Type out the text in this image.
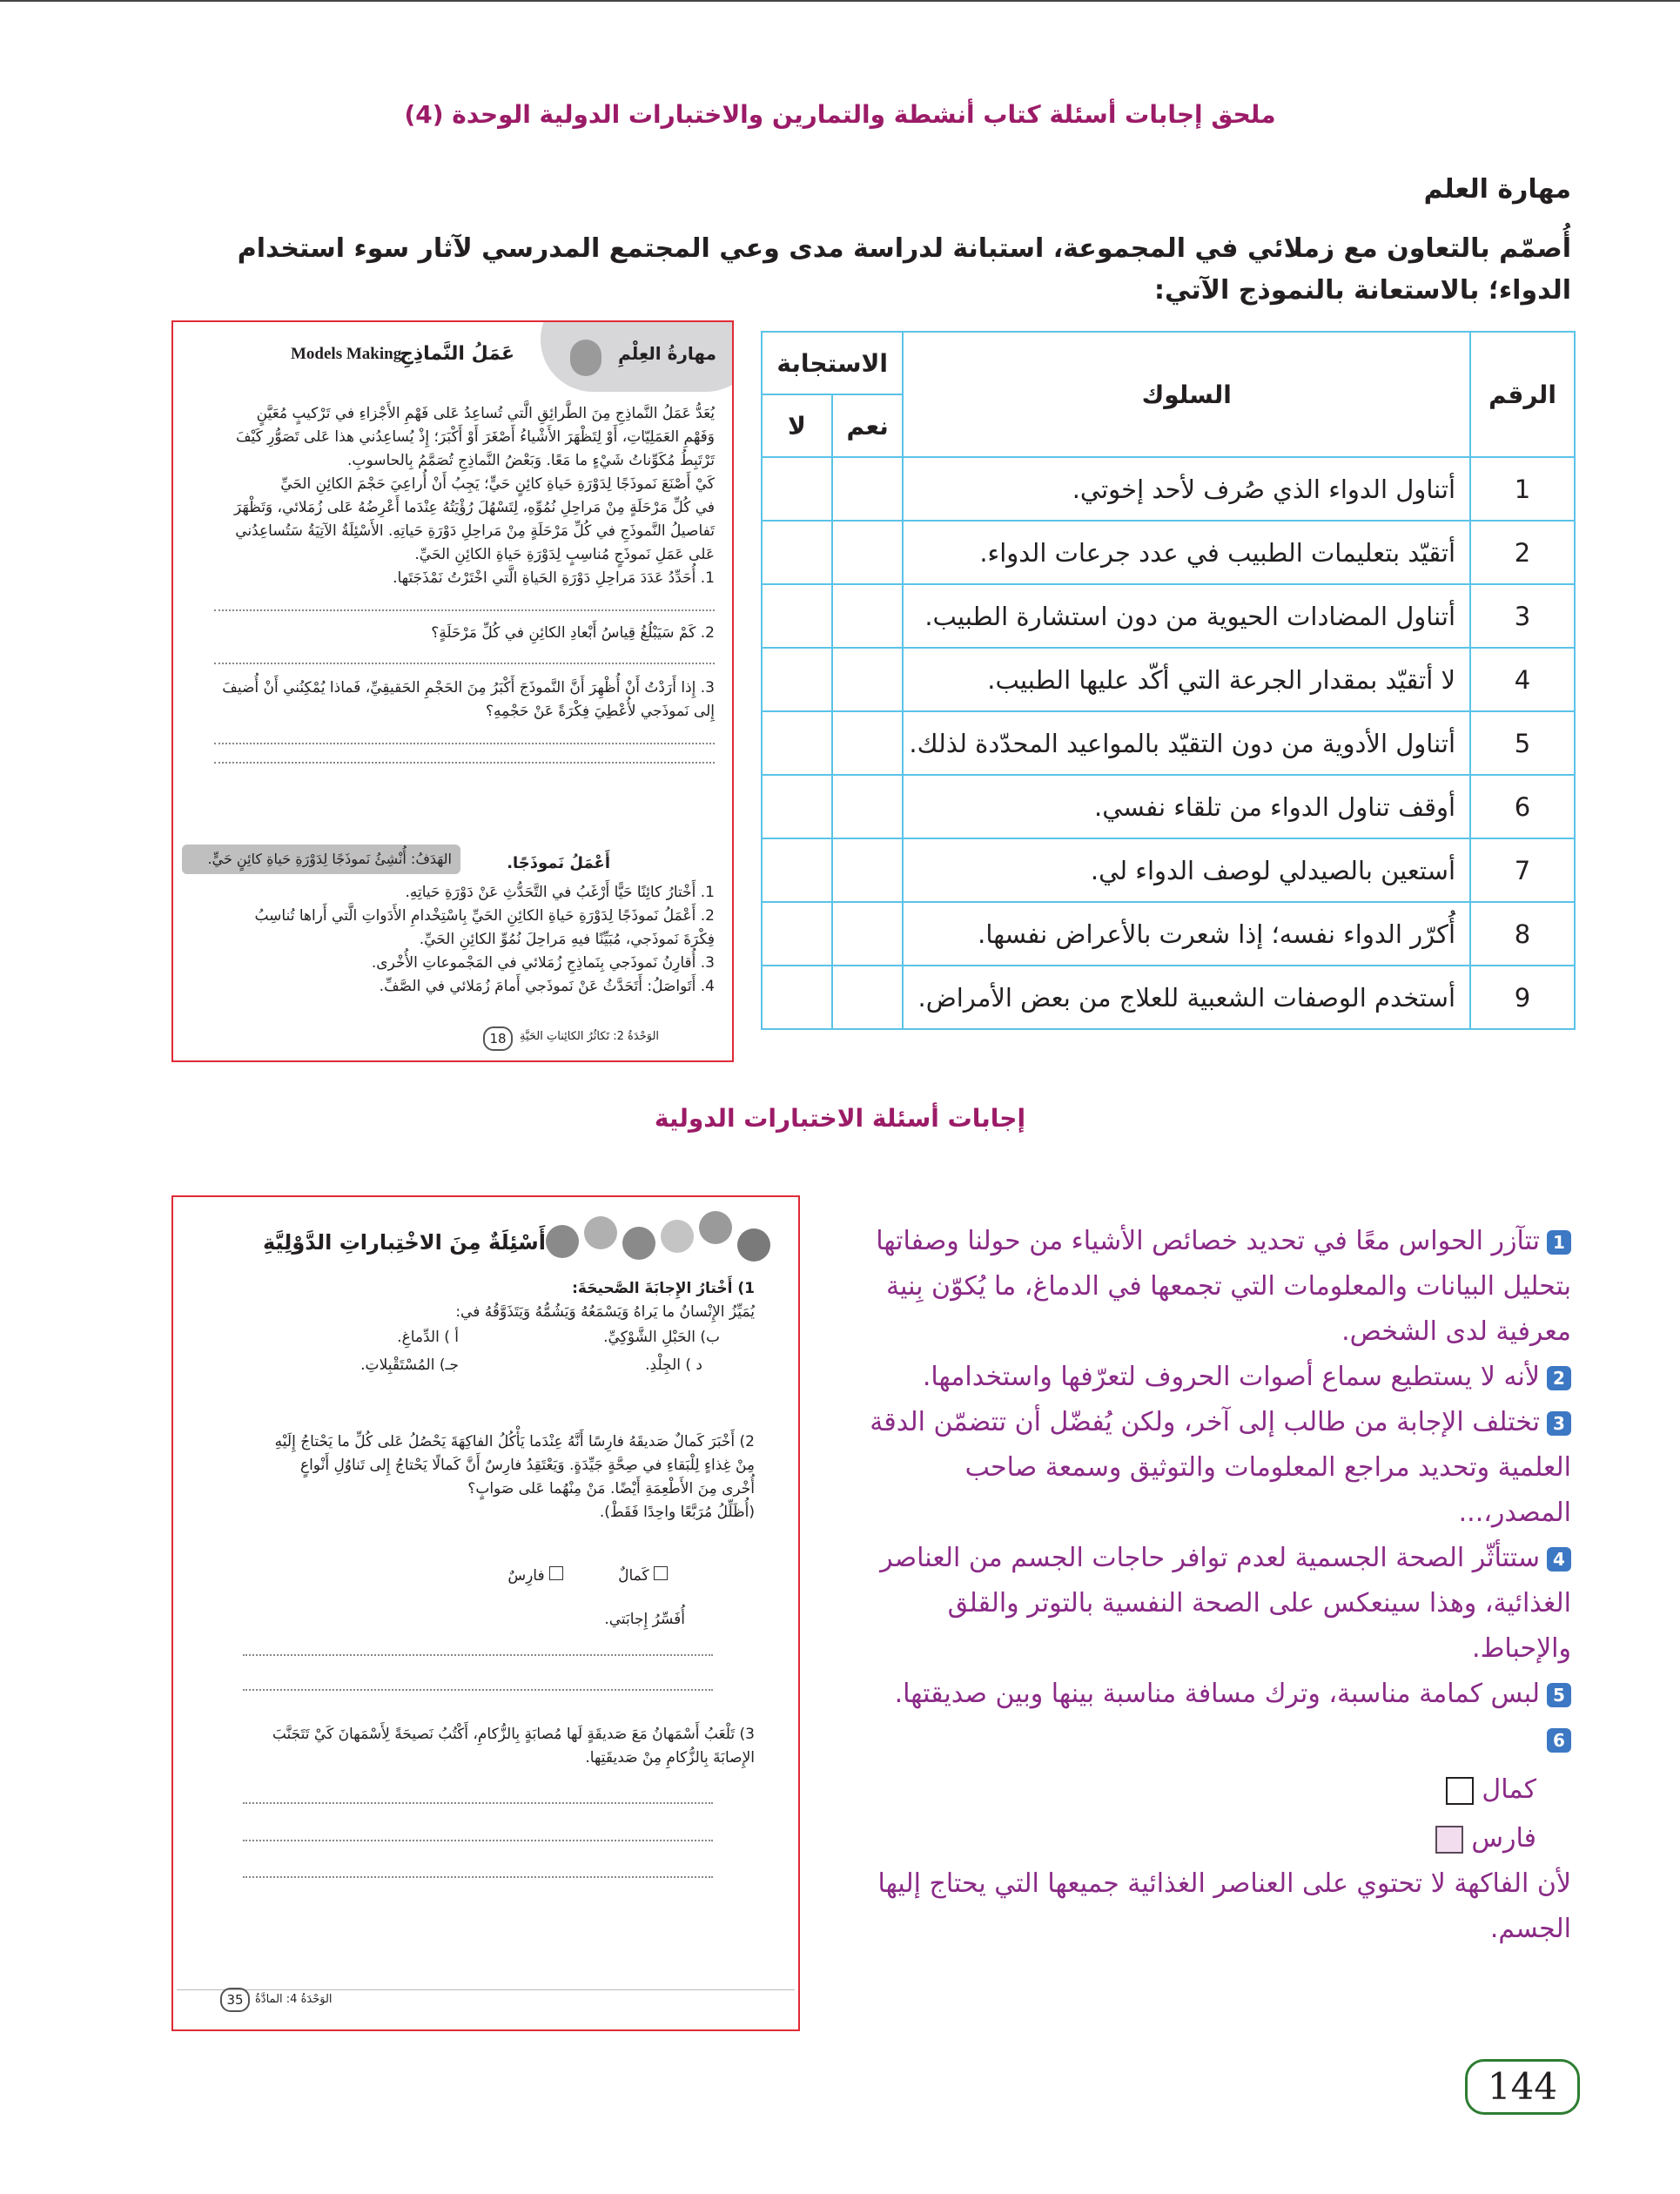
ملحق إجابات أسئلة كتاب أنشطة والتمارين والاختبارات الدولية الوحدة (4)
مهارة العلم
أُصمّم بالتعاون مع زملائي في المجموعة، استبانة لدراسة مدى وعي المجتمع المدرسي لآثار سوء استخدام الدواء؛ بالاستعانة بالنموذج الآتي:
الرقم	السلوك	الاستجابة	
		نعم	لا
1	أتناول الدواء الذي صُرف لأحد إخوتي.		
2	أتقيّد بتعليمات الطبيب في عدد جرعات الدواء.		
3	أتناول المضادات الحيوية من دون استشارة الطبيب.		
4	لا أتقيّد بمقدار الجرعة التي أكّد عليها الطبيب.		
5	أتناول الأدوية من دون التقيّد بالمواعيد المحدّدة لذلك.		
6	أوقف تناول الدواء من تلقاء نفسي.		
7	أستعين بالصيدلي لوصف الدواء لي.		
8	أُكرّر الدواء نفسه؛ إذا شعرت بالأعراض نفسها.		
9	أستخدم الوصفات الشعبية للعلاج من بعض الأمراض.		
مهارةُ العِلْمِ
عَمَلُ النَّماذِجِ
Models Making
يُعَدُّ عَمَلُ النَّماذِجِ مِنَ الطَّرائِقِ الَّتي تُساعِدُ عَلى فَهْمِ الأَجْزاءِ في تَرْكيبٍ مُعَيَّنٍ
وَفَهْمِ العَمَلِيّاتِ، أَوْ لِتَظْهَرَ الأَشْياءُ أَصْغَرَ أَوْ أَكْبَرَ؛ إِذْ يُساعِدُني هذا عَلى تَصَوُّرِ كَيْفَ
تَرْتَبِطُ مُكَوِّناتُ شَيْءٍ ما مَعًا. وَبَعْضُ النَّماذِجِ تُصَمَّمُ بِالحاسوبِ.
كَيْ أَصْنَعَ نَموذَجًا لِدَوْرَةِ حَياةِ كائِنٍ حَيٍّ؛ يَجِبُ أَنْ أُراعِيَ حَجْمَ الكائِنِ الحَيِّ
في كُلِّ مَرْحَلَةٍ مِنْ مَراحِلِ نُمُوِّهِ، لِتَسْهُلَ رُؤْيَتُهُ عِنْدَما أَعْرِضُهُ عَلى زُمَلائي، وَتَظْهَرَ
تَفاصيلُ النَّموذَجِ في كُلِّ مَرْحَلَةٍ مِنْ مَراحِلِ دَوْرَةِ حَياتِهِ. الأَسْئِلَةُ الآتِيَةُ سَتُساعِدُني
عَلى عَمَلِ نَموذَجٍ مُناسِبٍ لِدَوْرَةِ حَياةِ الكائِنِ الحَيِّ.
1. أُحَدِّدُ عَدَدَ مَراحِلِ دَوْرَةِ الحَياةِ الَّتي اخْتَرْتُ نَمْذَجَتَها.
2. كَمْ سَيَبْلُغُ قِياسُ أَبْعادِ الكائِنِ في كُلِّ مَرْحَلَةٍ؟
3. إِذا أَرَدْتُ أَنْ أُظْهِرَ أَنَّ النَّموذَجَ أَكْبَرُ مِنَ الحَجْمِ الحَقيقِيِّ، فَماذا يُمْكِنُني أَنْ أُضيفَ
إِلى نَموذَجي لأُعْطِيَ فِكْرَةً عَنْ حَجْمِهِ؟
أَعْمَلُ نَموذَجًا.
الهَدَفُ: أُنْشِئُ نَموذَجًا لِدَوْرَةِ حَياةِ كائِنٍ حَيٍّ.
1. أَخْتارُ كائِنًا حَيًّا أَرْغَبُ في التَّحَدُّثِ عَنْ دَوْرَةِ حَياتِهِ.
2. أَعْمَلُ نَموذَجًا لِدَوْرَةِ حَياةِ الكائِنِ الحَيِّ بِاسْتِخْدامِ الأَدَواتِ الَّتي أَراها تُناسِبُ
فِكْرَةَ نَموذَجي، مُبَيِّنًا فيهِ مَراحِلَ نُمُوِّ الكائِنِ الحَيِّ.
3. أُقارِنُ نَموذَجي بِنَماذِجِ زُمَلائي في المَجْموعاتِ الأُخْرى.
4. أَتَواصَلُ: أَتَحَدَّثُ عَنْ نَموذَجي أَمامَ زُمَلائي في الصَّفِّ.
18	الوَحْدَةُ 2: تَكاثُرُ الكائِناتِ الحَيَّةِ
إجابات أسئلة الاختبارات الدولية
أَسْئِلَةٌ مِنَ الاخْتِباراتِ الدَّوْلِيَّةِ
1) أَخْتارُ الإِجابَةَ الصَّحيحَةَ:
يُمَيِّزُ الإِنْسانُ ما يَراهُ وَيَسْمَعُهُ وَيَشُمُّهُ وَيَتَذَوَّقُهُ في:
أ ) الدِّماغِ.	ب) الحَبْلِ الشَّوْكِيِّ.
جـ) المُسْتَقْبِلاتِ.	د ) الجِلْدِ.
2) أَخْبَرَ كَمالٌ صَديقَهُ فارِسًا أَنَّهُ عِنْدَما يَأْكُلُ الفاكِهَةَ يَحْصُلُ عَلى كُلِّ ما يَحْتاجُ إِلَيْهِ
مِنْ غِذاءٍ لِلْبَقاءِ في صِحَّةٍ جَيِّدَةٍ. وَيَعْتَقِدُ فارِسٌ أَنَّ كَمالًا يَحْتاجُ إِلى تَناوُلِ أَنْواعٍ
أُخْرى مِنَ الأَطْعِمَةِ أَيْضًا. مَنْ مِنْهُما عَلى صَوابٍ؟
(أُظَلِّلُ مُرَبَّعًا واحِدًا فَقَطْ).
كَمالٌ
فارِسٌ
أُفَسِّرُ إِجابَتي.
3) تَلْعَبُ أَسْمَهانُ مَعَ صَديقَةٍ لَها مُصابَةٍ بِالزُّكامِ، أَكْتُبُ نَصيحَةً لِأَسْمَهانَ كَيْ تَتَجَنَّبَ
الإِصابَةَ بِالزُّكامِ مِنْ صَديقَتِها.
35	الوَحْدَةُ 4: المادَّةُ
1تتآزر الحواس معًا في تحديد خصائص الأشياء من حولنا وصفاتها بتحليل البيانات والمعلومات التي تجمعها في الدماغ، ما يُكوّن بِنية معرفية لدى الشخص.
2لأنه لا يستطيع سماع أصوات الحروف لتعرّفها واستخدامها.
3تختلف الإجابة من طالب إلى آخر، ولكن يُفضّل أن تتضمّن الدقة العلمية وتحديد مراجع المعلومات والتوثيق وسمعة صاحب المصدر،...
4ستتأثّر الصحة الجسمية لعدم توافر حاجات الجسم من العناصر الغذائية، وهذا سينعكس على الصحة النفسية بالتوتر والقلق والإحباط.
5لبس كمامة مناسبة، وترك مسافة مناسبة بينها وبين صديقتها.
6
كمال
فارس
لأن الفاكهة لا تحتوي على العناصر الغذائية جميعها التي يحتاج إليها الجسم.
144
